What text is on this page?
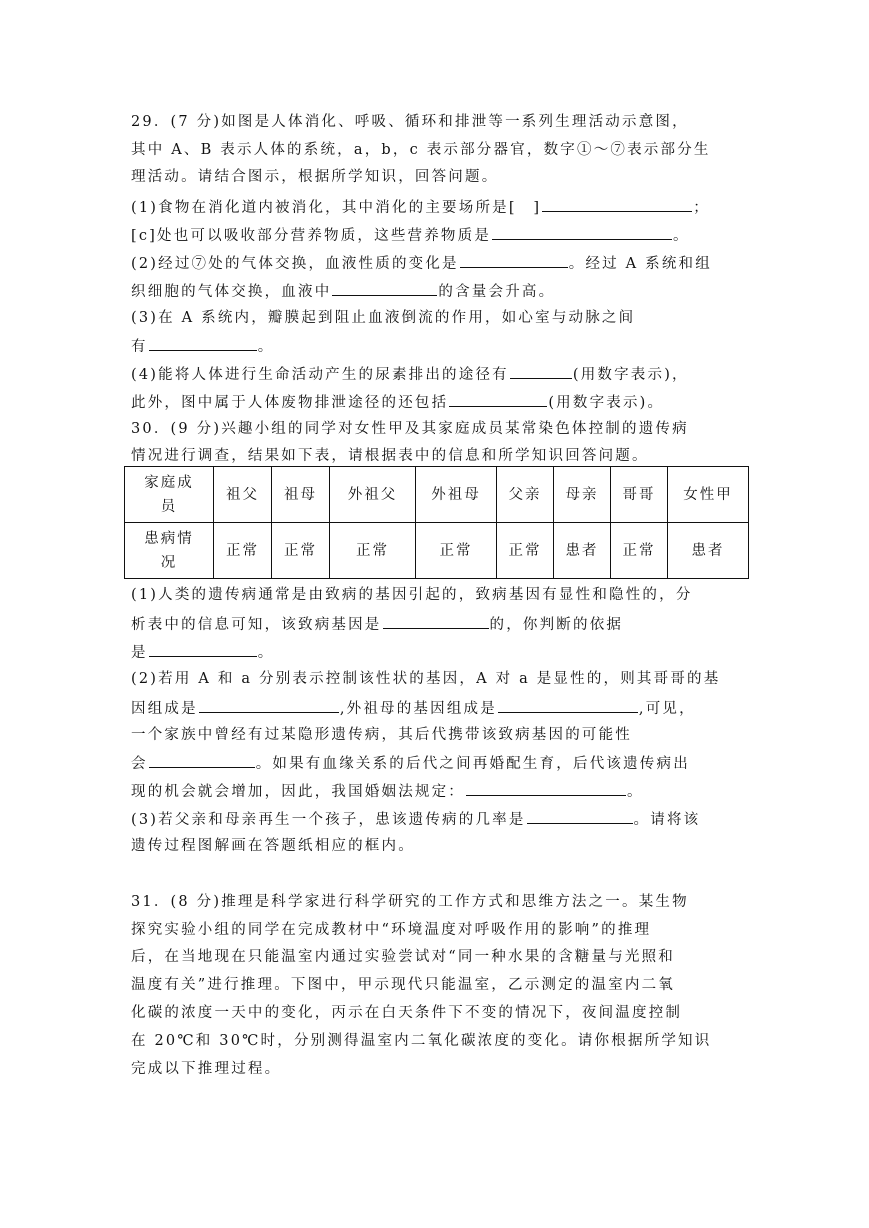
29．(7 分)如图是人体消化、呼吸、循环和排泄等一系列生理活动示意图，
其中 A、B 表示人体的系统，a，b，c 表示部分器官，数字①～⑦表示部分生
理活动。请结合图示，根据所学知识，回答问题。
(1)食物在消化道内被消化，其中消化的主要场所是[　]	；
[c]处也可以吸收部分营养物质，这些营养物质是	。
(2)经过⑦处的气体交换，血液性质的变化是	。经过 A 系统和组
织细胞的气体交换，血液中	的含量会升高。
(3)在 A 系统内，瓣膜起到阻止血液倒流的作用，如心室与动脉之间
有	。
(4)能将人体进行生命活动产生的尿素排出的途径有	(用数字表示)，
此外，图中属于人体废物排泄途径的还包括	(用数字表示)。
30．(9 分)兴趣小组的同学对女性甲及其家庭成员某常染色体控制的遗传病
情况进行调查，结果如下表，请根据表中的信息和所学知识回答问题。
家庭成
员	祖父	祖母	外祖父	外祖母	父亲	母亲	哥哥	女性甲

患病情
况	正常	正常	正常	正常	正常	患者	正常	患者
(1)人类的遗传病通常是由致病的基因引起的，致病基因有显性和隐性的，分
析表中的信息可知，该致病基因是	的，你判断的依据
是	。
(2)若用 A 和 a 分别表示控制该性状的基因，A 对 a 是显性的，则其哥哥的基
因组成是	,外祖母的基因组成是	,可见，
一个家族中曾经有过某隐形遗传病，其后代携带该致病基因的可能性
会	。如果有血缘关系的后代之间再婚配生育，后代该遗传病出
现的机会就会增加，因此，我国婚姻法规定：	。
(3)若父亲和母亲再生一个孩子，患该遗传病的几率是	。请将该
遗传过程图解画在答题纸相应的框内。
31．(8 分)推理是科学家进行科学研究的工作方式和思维方法之一。某生物
探究实验小组的同学在完成教材中“环境温度对呼吸作用的影响”的推理
后，在当地现在只能温室内通过实验尝试对“同一种水果的含糖量与光照和
温度有关”进行推理。下图中，甲示现代只能温室，乙示测定的温室内二氧
化碳的浓度一天中的变化，丙示在白天条件下不变的情况下，夜间温度控制
在 20℃和 30℃时，分别测得温室内二氧化碳浓度的变化。请你根据所学知识
完成以下推理过程。
